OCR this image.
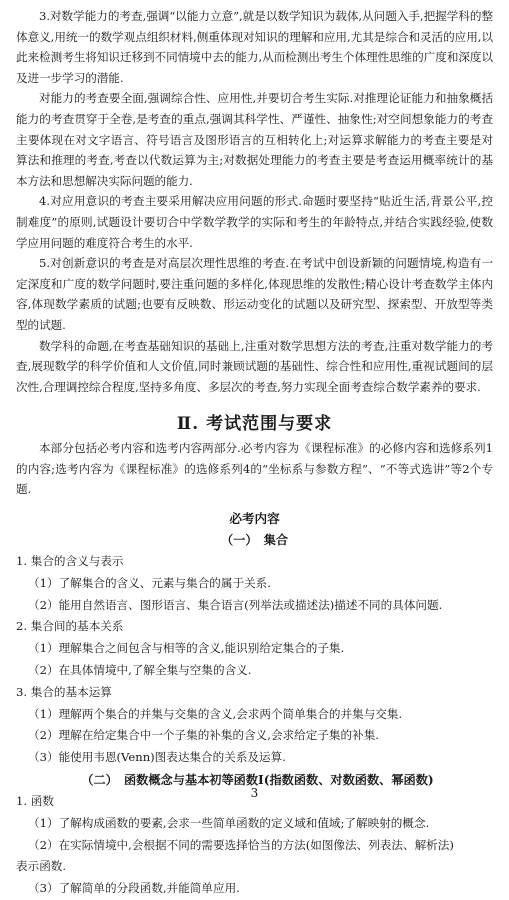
3.对数学能力的考查,强调“以能力立意”,就是以数学知识为载体,从问题入手,把握学科的整体意义,用统一的数学观点组织材料,侧重体现对知识的理解和应用,尤其是综合和灵活的应用,以此来检测考生将知识迁移到不同情境中去的能力,从而检测出考生个体理性思维的广度和深度以及进一步学习的潜能.

对能力的考查要全面,强调综合性、应用性,并要切合考生实际.对推理论证能力和抽象概括能力的考查贯穿于全卷,是考查的重点,强调其科学性、严谨性、抽象性;对空间想象能力的考查主要体现在对文字语言、符号语言及图形语言的互相转化上;对运算求解能力的考查主要是对算法和推理的考查,考查以代数运算为主;对数据处理能力的考查主要是考查运用概率统计的基本方法和思想解决实际问题的能力.

4.对应用意识的考查主要采用解决应用问题的形式.命题时要坚持“贴近生活,背景公平,控制难度”的原则,试题设计要切合中学数学教学的实际和考生的年龄特点,并结合实践经验,使数学应用问题的难度符合考生的水平.

5.对创新意识的考查是对高层次理性思维的考查.在考试中创设新颖的问题情境,构造有一定深度和广度的数学问题时,要注重问题的多样化,体现思维的发散性;精心设计考查数学主体内容,体现数学素质的试题;也要有反映数、形运动变化的试题以及研究型、探索型、开放型等类型的试题.

数学科的命题,在考查基础知识的基础上,注重对数学思想方法的考查,注重对数学能力的考查,展现数学的科学价值和人文价值,同时兼顾试题的基础性、综合性和应用性,重视试题间的层次性,合理调控综合程度,坚持多角度、多层次的考查,努力实现全面考查综合数学素养的要求.

Ⅱ. 考试范围与要求

本部分包括必考内容和选考内容两部分.必考内容为《课程标准》的必修内容和选修系列1的内容;选考内容为《课程标准》的选修系列4的“坐标系与参数方程”、“不等式选讲”等2个专题.

必考内容
（一）　集合

1. 集合的含义与表示

（1）了解集合的含义、元素与集合的属于关系.

（2）能用自然语言、图形语言、集合语言(列举法或描述法)描述不同的具体问题.

2. 集合间的基本关系

（1）理解集合之间包含与相等的含义,能识别给定集合的子集.

（2）在具体情境中,了解全集与空集的含义.

3. 集合的基本运算

（1）理解两个集合的并集与交集的含义,会求两个简单集合的并集与交集.

（2）理解在给定集合中一个子集的补集的含义,会求给定子集的补集.

（3）能使用韦恩(Venn)图表达集合的关系及运算.

（二）　函数概念与基本初等函数Ⅰ(指数函数、对数函数、幂函数)

1. 函数

（1）了解构成函数的要素,会求一些简单函数的定义域和值域;了解映射的概念.

（2）在实际情境中,会根据不同的需要选择恰当的方法(如图像法、列表法、解析法)

表示函数.

（3）了解简单的分段函数,并能简单应用.

3
